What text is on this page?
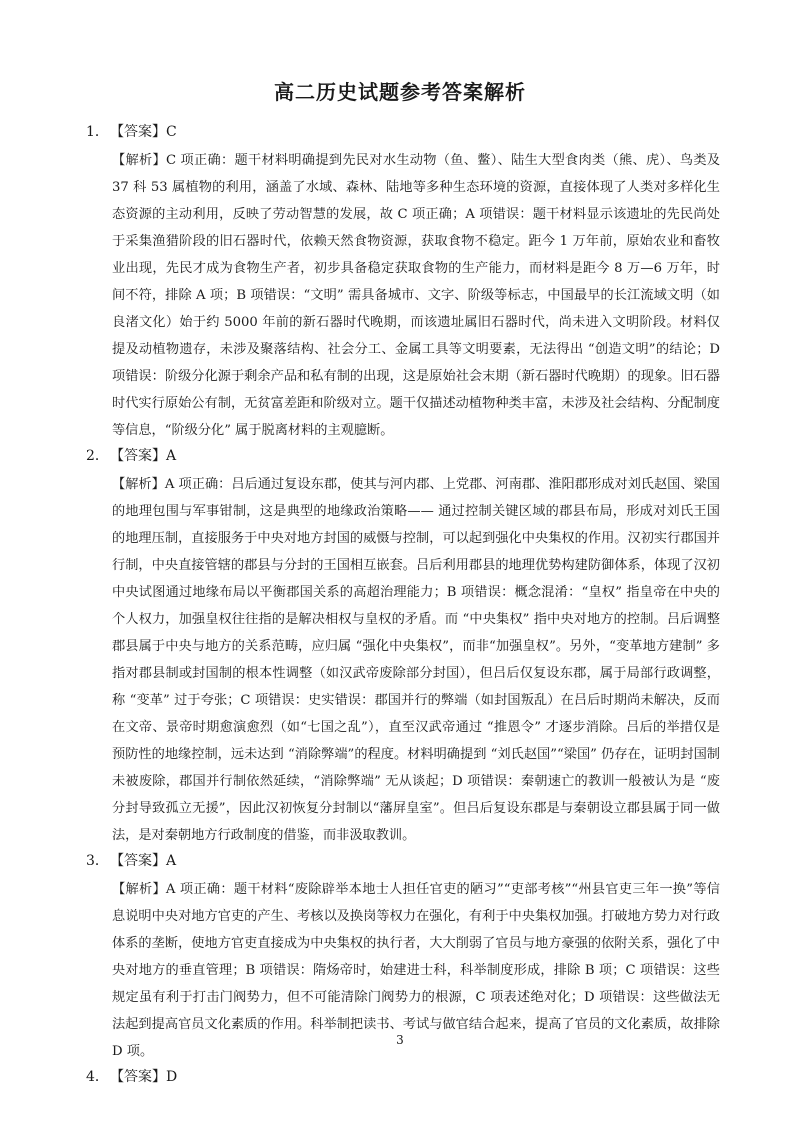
高二历史试题参考答案解析
1．【答案】C

【解析】C 项正确：题干材料明确提到先民对水生动物（鱼、鳖）、陆生大型食肉类（熊、虎）、鸟类及 37 科 53 属植物的利用，涵盖了水域、森林、陆地等多种生态环境的资源，直接体现了人类对多样化生态资源的主动利用，反映了劳动智慧的发展，故 C 项正确；A 项错误：题干材料显示该遗址的先民尚处于采集渔猎阶段的旧石器时代，依赖天然食物资源，获取食物不稳定。距今 1 万年前，原始农业和畜牧业出现，先民才成为食物生产者，初步具备稳定获取食物的生产能力，而材料是距今 8 万—6 万年，时间不符，排除 A 项；B 项错误：“文明” 需具备城市、文字、阶级等标志，中国最早的长江流域文明（如良渚文化）始于约 5000 年前的新石器时代晚期，而该遗址属旧石器时代，尚未进入文明阶段。材料仅提及动植物遗存，未涉及聚落结构、社会分工、金属工具等文明要素，无法得出 “创造文明”的结论；D 项错误：阶级分化源于剩余产品和私有制的出现，这是原始社会末期（新石器时代晚期）的现象。旧石器时代实行原始公有制，无贫富差距和阶级对立。题干仅描述动植物种类丰富，未涉及社会结构、分配制度等信息，“阶级分化” 属于脱离材料的主观臆断。

2．【答案】A

【解析】A 项正确：吕后通过复设东郡，使其与河内郡、上党郡、河南郡、淮阳郡形成对刘氏赵国、梁国的地理包围与军事钳制，这是典型的地缘政治策略—— 通过控制关键区域的郡县布局，形成对刘氏王国的地理压制，直接服务于中央对地方封国的威慑与控制，可以起到强化中央集权的作用。汉初实行郡国并行制，中央直接管辖的郡县与分封的王国相互嵌套。吕后利用郡县的地理优势构建防御体系，体现了汉初中央试图通过地缘布局以平衡郡国关系的高超治理能力；B 项错误：概念混淆：“皇权” 指皇帝在中央的个人权力，加强皇权往往指的是解决相权与皇权的矛盾。而 “中央集权” 指中央对地方的控制。吕后调整郡县属于中央与地方的关系范畴，应归属 “强化中央集权”，而非“加强皇权”。另外，“变革地方建制” 多指对郡县制或封国制的根本性调整（如汉武帝废除部分封国），但吕后仅复设东郡，属于局部行政调整，称 “变革” 过于夸张；C 项错误：史实错误：郡国并行的弊端（如封国叛乱）在吕后时期尚未解决，反而在文帝、景帝时期愈演愈烈（如“七国之乱”），直至汉武帝通过 “推恩令” 才逐步消除。吕后的举措仅是预防性的地缘控制，远未达到 “消除弊端”的程度。材料明确提到 “刘氏赵国”“梁国” 仍存在，证明封国制未被废除，郡国并行制依然延续，“消除弊端” 无从谈起；D 项错误：秦朝速亡的教训一般被认为是 “废分封导致孤立无援”，因此汉初恢复分封制以“藩屏皇室”。但吕后复设东郡是与秦朝设立郡县属于同一做法，是对秦朝地方行政制度的借鉴，而非汲取教训。

3．【答案】A

【解析】A 项正确：题干材料“废除辟举本地士人担任官吏的陋习”“吏部考核”“州县官吏三年一换”等信息说明中央对地方官吏的产生、考核以及换岗等权力在强化，有利于中央集权加强。打破地方势力对行政体系的垄断，使地方官吏直接成为中央集权的执行者，大大削弱了官员与地方豪强的依附关系，强化了中央对地方的垂直管理；B 项错误：隋炀帝时，始建进士科，科举制度形成，排除 B 项；C 项错误：这些规定虽有利于打击门阀势力，但不可能清除门阀势力的根源，C 项表述绝对化；D 项错误：这些做法无法起到提高官员文化素质的作用。科举制把读书、考试与做官结合起来，提高了官员的文化素质，故排除 D 项。

4．【答案】D
3
